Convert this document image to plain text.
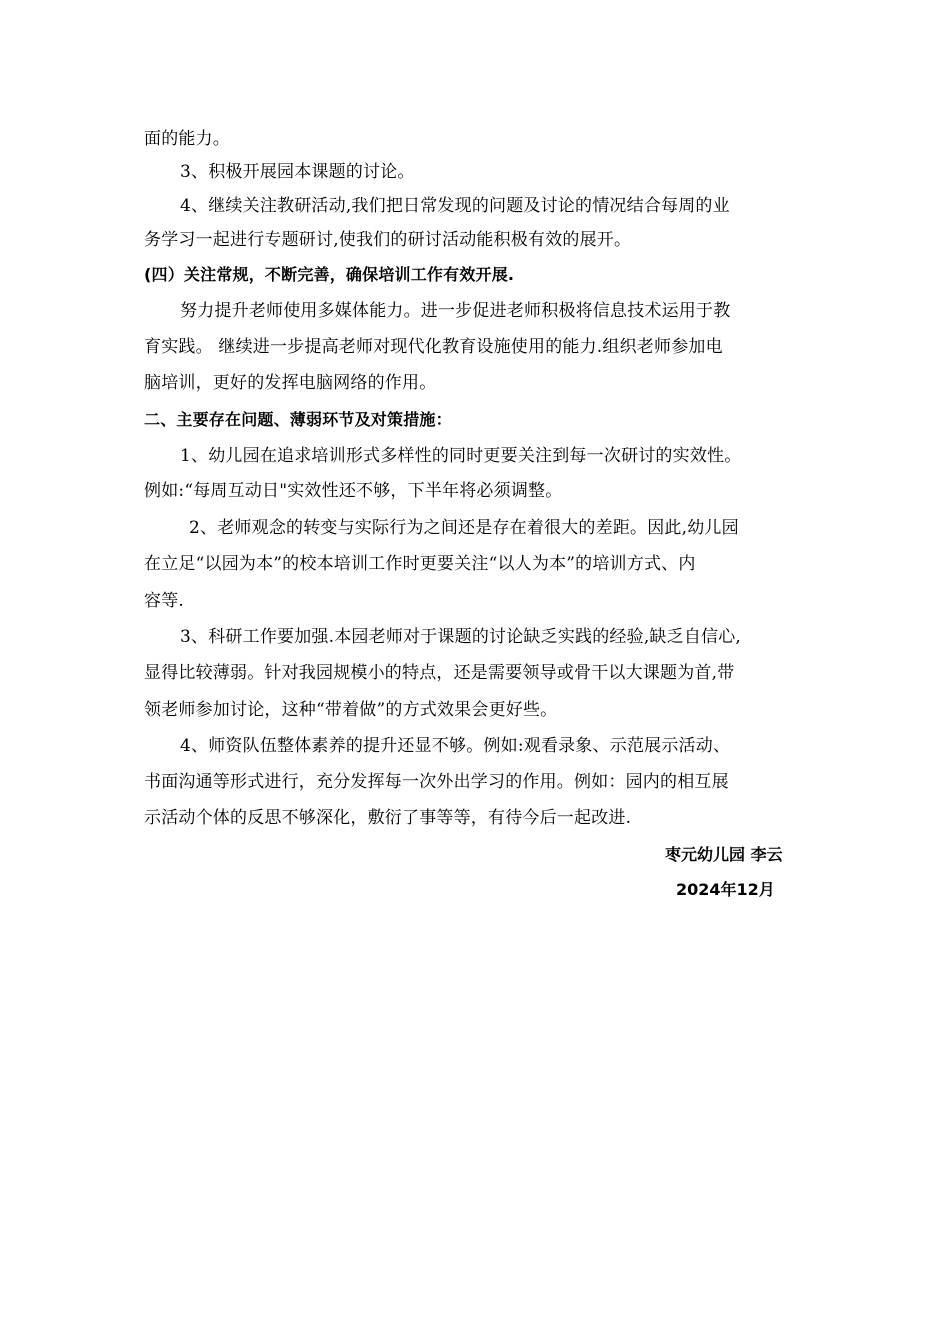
面的能力。
3、积极开展园本课题的讨论。
4、继续关注教研活动,我们把日常发现的问题及讨论的情况结合每周的业
务学习一起进行专题研讨,使我们的研讨活动能积极有效的展开。
(四）关注常规，不断完善，确保培训工作有效开展.
努力提升老师使用多媒体能力。进一步促进老师积极将信息技术运用于教
育实践。 继续进一步提高老师对现代化教育设施使用的能力.组织老师参加电
脑培训，更好的发挥电脑网络的作用。
二、主要存在问题、薄弱环节及对策措施：
1、幼儿园在追求培训形式多样性的同时更要关注到每一次研讨的实效性。
例如:“每周互动日"实效性还不够，下半年将必须调整。
2、老师观念的转变与实际行为之间还是存在着很大的差距。因此,幼儿园
在立足“以园为本”的校本培训工作时更要关注“以人为本”的培训方式、内
容等.
3、科研工作要加强.本园老师对于课题的讨论缺乏实践的经验,缺乏自信心,
显得比较薄弱。针对我园规模小的特点，还是需要领导或骨干以大课题为首,带
领老师参加讨论，这种“带着做”的方式效果会更好些。
4、师资队伍整体素养的提升还显不够。例如:观看录象、示范展示活动、
书面沟通等形式进行，充分发挥每一次外出学习的作用。例如：园内的相互展
示活动个体的反思不够深化，敷衍了事等等，有待今后一起改进.
枣元幼儿园 李云
2024年12月
